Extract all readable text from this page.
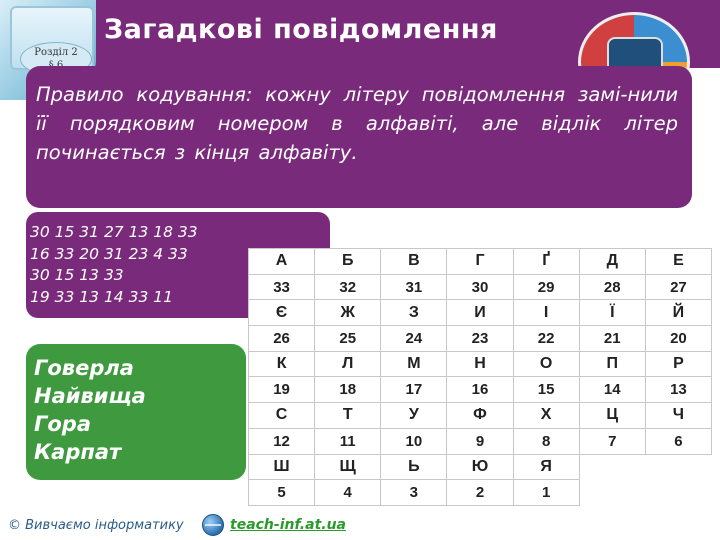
Розділ 2
Загадкові повідомлення
Правило кодування: кожну літеру повідомлення замі-нили її порядковим номером в алфавіті, але відлік літер починається з кінця алфавіту.
30 15 31 27 13 18 33
16 33 20 31 23 4 33
30 15 13 33
19 33 13 14 33 11
Говерла
Найвища
Гора
Карпат
А	Б	В	Г	Ґ	Д	Е
33	32	31	30	29	28	27
Є	Ж	З	И	І	Ї	Й
26	25	24	23	22	21	20
К	Л	М	Н	О	П	Р
19	18	17	16	15	14	13
С	Т	У	Ф	Х	Ц	Ч
12	11	10	9	8	7	6
Ш	Щ	Ь	Ю	Я		
5	4	3	2	1		
© Вивчаємо інформатику	teach-inf.at.ua
